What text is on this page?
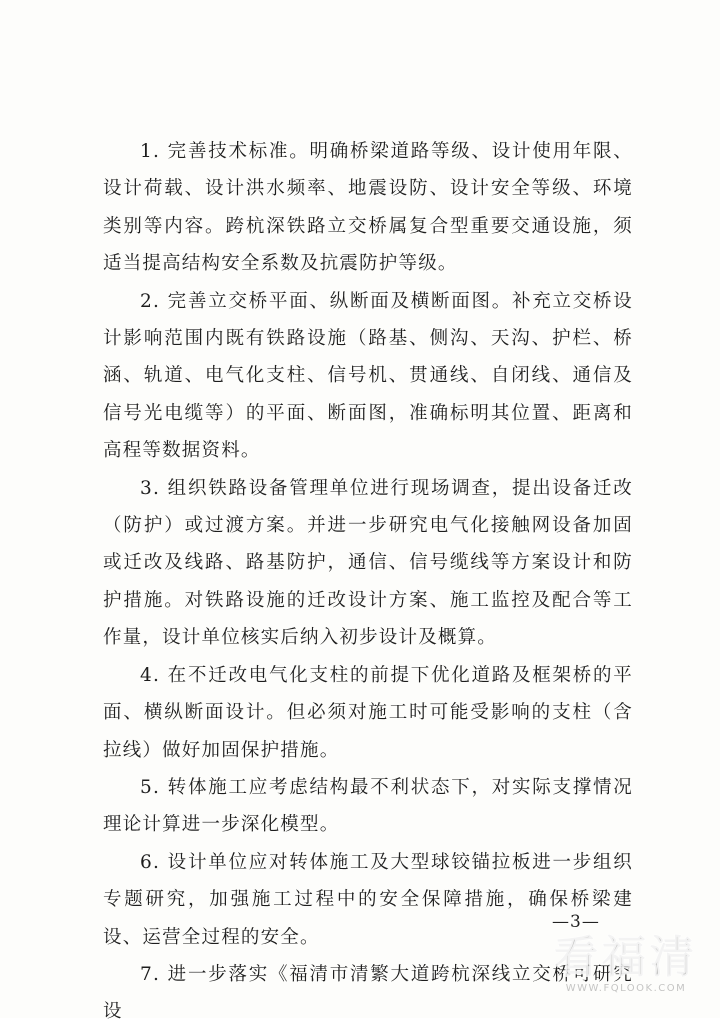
1. 完善技术标准。明确桥梁道路等级、设计使用年限、设计荷载、设计洪水频率、地震设防、设计安全等级、环境类别等内容。跨杭深铁路立交桥属复合型重要交通设施，须适当提高结构安全系数及抗震防护等级。

2. 完善立交桥平面、纵断面及横断面图。补充立交桥设计影响范围内既有铁路设施（路基、侧沟、天沟、护栏、桥涵、轨道、电气化支柱、信号机、贯通线、自闭线、通信及信号光电缆等）的平面、断面图，准确标明其位置、距离和高程等数据资料。

3. 组织铁路设备管理单位进行现场调查，提出设备迁改（防护）或过渡方案。并进一步研究电气化接触网设备加固或迁改及线路、路基防护，通信、信号缆线等方案设计和防护措施。对铁路设施的迁改设计方案、施工监控及配合等工作量，设计单位核实后纳入初步设计及概算。

4. 在不迁改电气化支柱的前提下优化道路及框架桥的平面、横纵断面设计。但必须对施工时可能受影响的支柱（含拉线）做好加固保护措施。

5. 转体施工应考虑结构最不利状态下，对实际支撑情况理论计算进一步深化模型。

6. 设计单位应对转体施工及大型球铰锚拉板进一步组织专题研究，加强施工过程中的安全保障措施，确保桥梁建设、运营全过程的安全。

7. 进一步落实《福清市清繁大道跨杭深线立交桥可研究设

—3—
看福清
WWW.FQLOOK.COM
